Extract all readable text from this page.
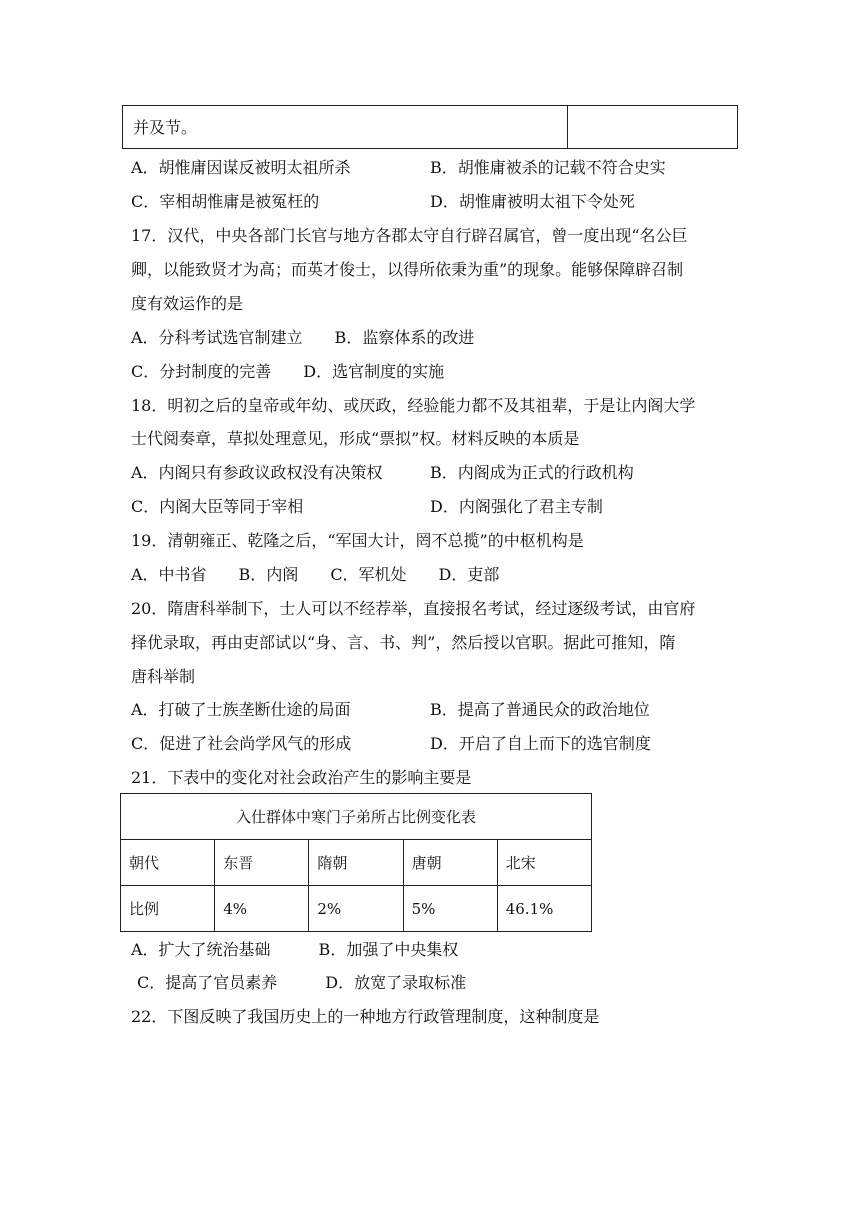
并及节。
A．胡惟庸因谋反被明太祖所杀	B．胡惟庸被杀的记载不符合史实
C．宰相胡惟庸是被冤枉的	D．胡惟庸被明太祖下令处死
17．汉代，中央各部门长官与地方各郡太守自行辟召属官，曾一度出现“名公巨
卿，以能致贤才为高；而英才俊士，以得所依秉为重”的现象。能够保障辟召制
度有效运作的是
A．分科考试选官制建立　　B．监察体系的改进
C．分封制度的完善　　D．选官制度的实施
18．明初之后的皇帝或年幼、或厌政，经验能力都不及其祖辈，于是让内阁大学
士代阅奏章，草拟处理意见，形成“票拟”权。材料反映的本质是
A．内阁只有参政议政权没有决策权	B．内阁成为正式的行政机构
C．内阁大臣等同于宰相	D．内阁强化了君主专制
19．清朝雍正、乾隆之后，“军国大计，罔不总揽”的中枢机构是
A．中书省　　B．内阁　　C．军机处　　D．吏部
20．隋唐科举制下，士人可以不经荐举，直接报名考试，经过逐级考试，由官府
择优录取，再由吏部试以“身、言、书、判”，然后授以官职。据此可推知，隋
唐科举制
A．打破了士族垄断仕途的局面	B．提高了普通民众的政治地位
C．促进了社会尚学风气的形成	D．开启了自上而下的选官制度
21．下表中的变化对社会政治产生的影响主要是
入仕群体中寒门子弟所占比例变化表				
朝代	东晋	隋朝	唐朝	北宋
比例	4%	2%	5%	46.1%
A．扩大了统治基础　　　B．加强了中央集权
C．提高了官员素养　　　D．放宽了录取标准
22．下图反映了我国历史上的一种地方行政管理制度，这种制度是
